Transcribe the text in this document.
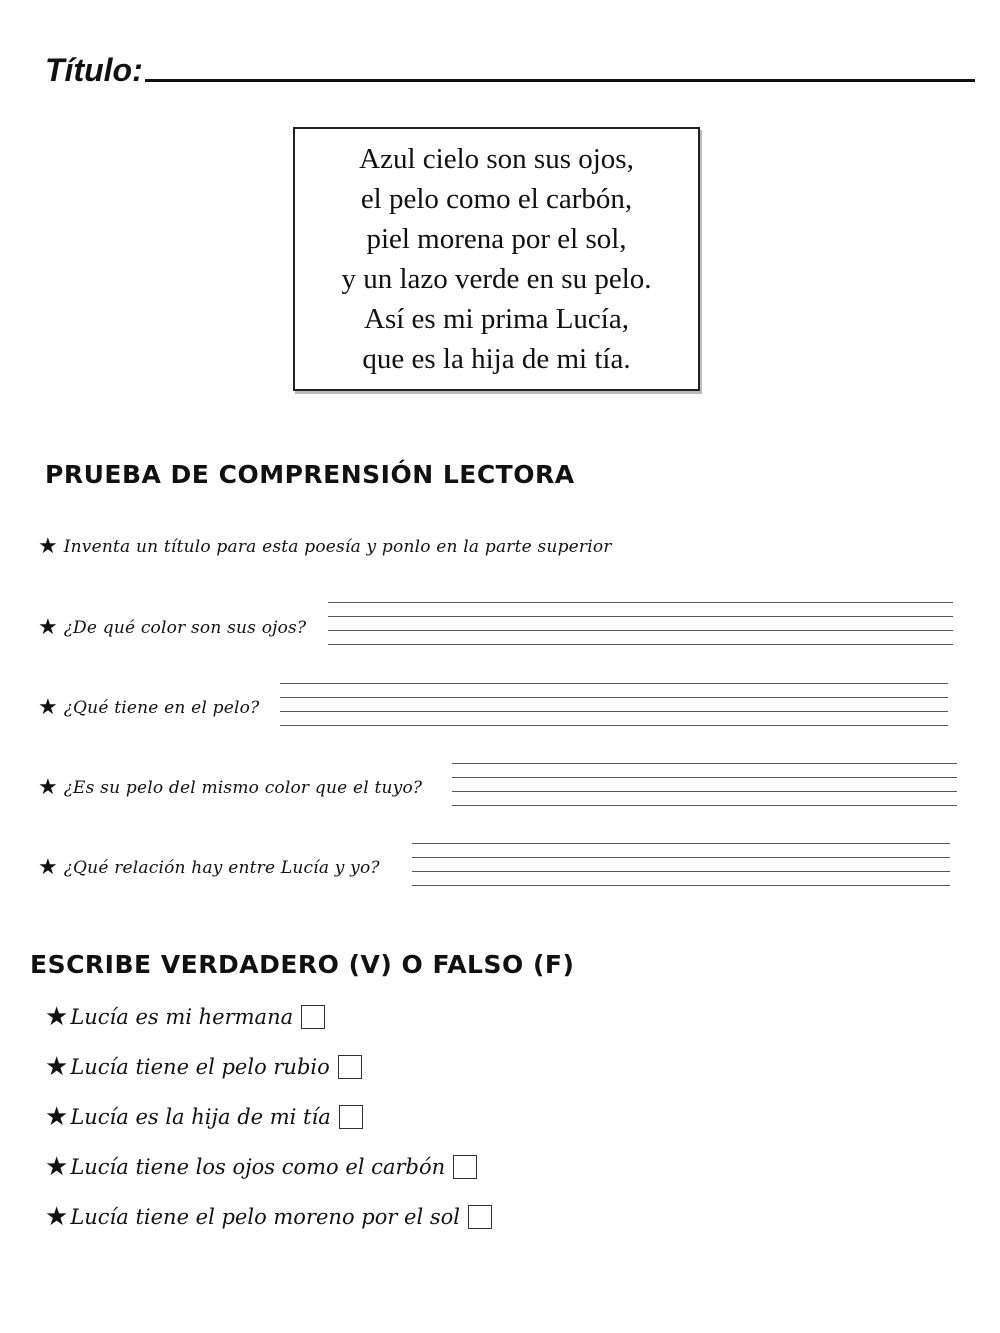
Título:
Azul cielo son sus ojos,
el pelo como el carbón,
piel morena por el sol,
y un lazo verde en su pelo.
Así es mi prima Lucía,
que es la hija de mi tía.
PRUEBA DE COMPRENSIÓN LECTORA
★ Inventa un título para esta poesía y ponlo en la parte superior
★ ¿De qué color son sus ojos?
★ ¿Qué tiene en el pelo?
★ ¿Es su pelo del mismo color que el tuyo?
★ ¿Qué relación hay entre Lucía y yo?
ESCRIBE VERDADERO (V) O FALSO (F)
★ Lucía es mi hermana
★ Lucía tiene el pelo rubio
★ Lucía es la hija de mi tía
★ Lucía tiene los ojos como el carbón
★ Lucía tiene el pelo moreno por el sol
